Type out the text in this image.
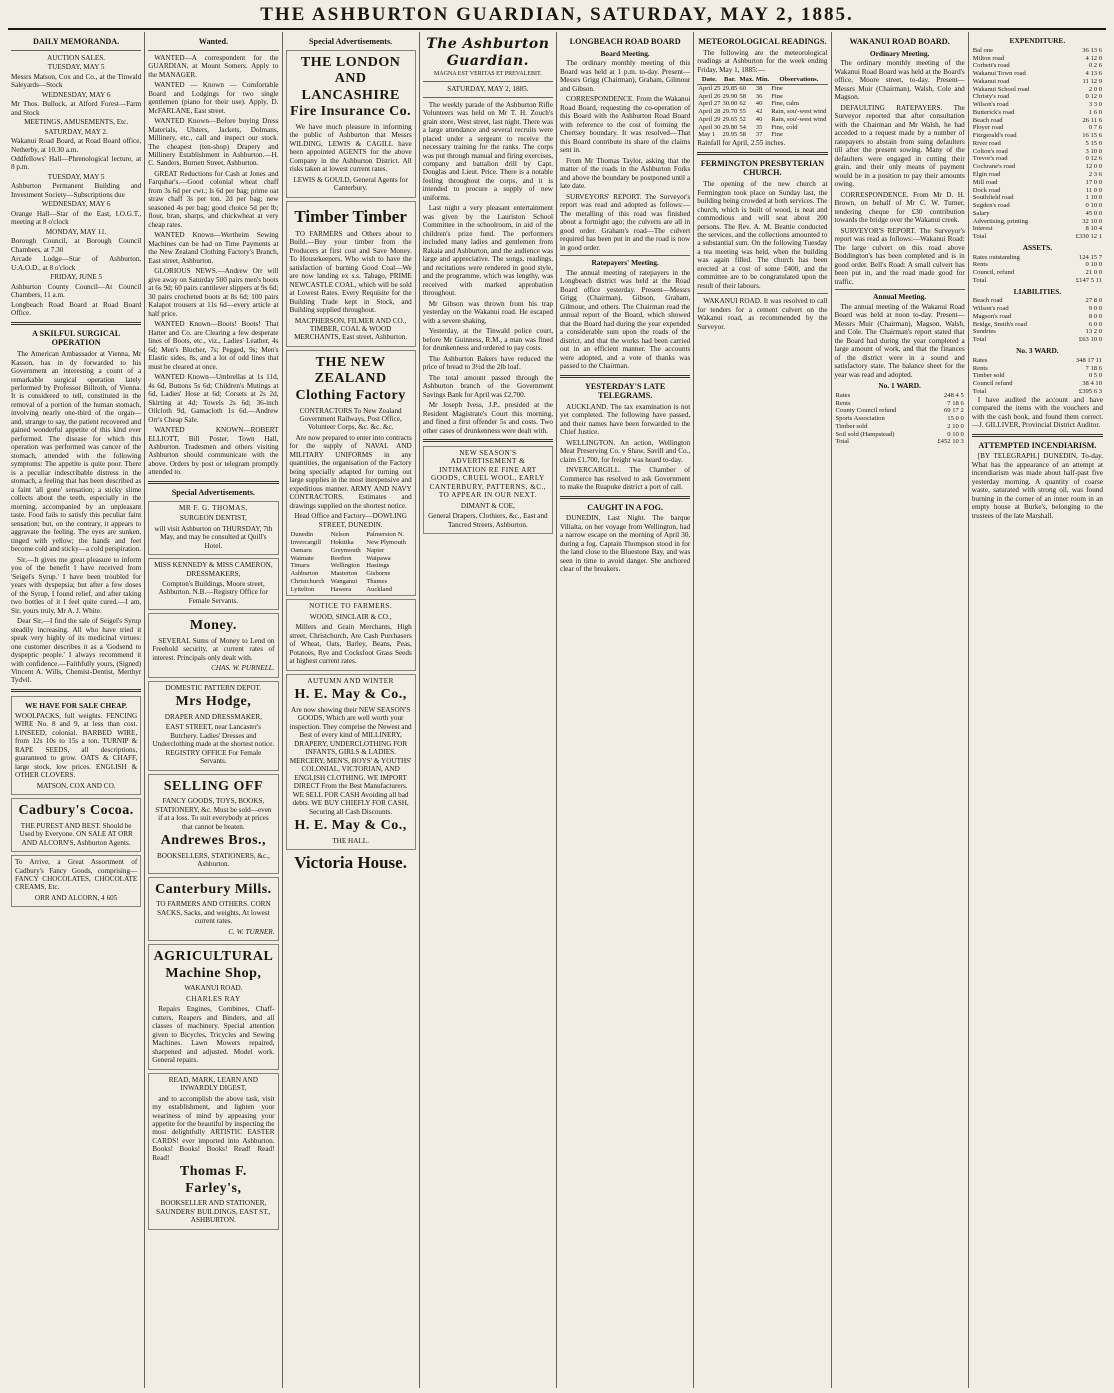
THE ASHBURTON GUARDIAN, SATURDAY, MAY 2, 1885.
DAILY MEMORANDA.

AUCTION SALES.

TUESDAY, MAY 5

Messrs Matson, Cox and Co., at the Tinwald Saleyards—Stock

WEDNESDAY, MAY 6

Mr Thos. Bullock, at Alford Forest—Farm and Stock

MEETINGS, AMUSEMENTS, Etc.

SATURDAY, MAY 2.

Wakanui Road Board, at Road Board office, Netherby, at 10.30 a.m.

Oddfellows' Hall—Phrenological lecture, at 8 p.m.

TUESDAY, MAY 5

Ashburton Permanent Building and Investment Society—Subscriptions due

WEDNESDAY, MAY 6

Orange Hall—Star of the East, I.O.G.T., meeting at 8 o'clock

MONDAY, MAY 11.

Borough Council, at Borough Council Chambers, at 7.30

Arcade Lodge—Star of Ashburton, U.A.O.D., at 8 o'clock

FRIDAY, JUNE 5

Ashburton County Council—At Council Chambers, 11 a.m.

Longbeach Road Board at Road Board Office.

A SKILFUL SURGICAL OPERATION

The American Ambassador at Vienna, Mr Kasson, has in dy forwarded to his Government an interesting a count of a remarkable surgical operation lately performed by Professor Billroth, of Vienna. It is considered to tell, constituted in the removal of a portion of the human stomach, involving nearly one-third of the organ—and, strange to say, the patient recovered and gained wonderful appetite of this kind ever performed. The disease for which this operation was performed was cancer of the stomach, attended with the following symptoms: The appetite is quite poor. There is a peculiar indescribable distress in the stomach, a feeling that has been described as a faint 'all gone' sensation; a sticky slime collects about the teeth, especially in the morning, accompanied by an unpleasant taste. Food fails to satisfy this peculiar faint sensation; but, on the contrary, it appears to aggravate the feeling. The eyes are sunken, tinged with yellow; the hands and feet become cold and sticky—a cold perspiration.

Sir,—It gives me great pleasure to inform you of the benefit I have received from 'Seigel's Syrup.' I have been troubled for years with dyspepsia; but after a few doses of the Syrup, I found relief, and after taking two bottles of it I feel quite cured.—I am, Sir, yours truly, Mr A. J. White.

Dear Sir,—I find the sale of Seigel's Syrup steadily increasing. All who have tried it speak very highly of its medicinal virtues: one customer describes it as a 'Godsend to dyspeptic people.' I always recommend it with confidence.—Faithfully yours, (Signed) Vincent A. Wills, Chemist-Dentist, Merthyr Tydvil.

WE HAVE FOR SALE CHEAP.

WOOLPACKS, full weights. FENCING WIRE No. 8 and 9, at less than cost. LINSEED, colonial. BARBED WIRE, from 12s 10s to 15s a ton. TURNIP & RAPE SEEDS, all descriptions, guaranteed to grow. OATS & CHAFF, large stock, low prices. ENGLISH & OTHER CLOVERS.

MATSON, COX AND CO.

Cadbury's Cocoa.

THE PUREST AND BEST. Should be Used by Everyone. ON SALE AT ORR AND ALCORN'S, Ashburton Agents.

To Arrive, a Great Assortment of Cadbury's Fancy Goods, comprising—FANCY CHOCOLATES, CHOCOLATE CREAMS, Etc.

ORR AND ALCORN, 4 605

Wanted.

WANTED—A correspondent for the GUARDIAN, at Mount Somers. Apply to the MANAGER.

WANTED — Known — Comfortable Board and Lodgings for two single gentlemen (piano for their use). Apply, D. McFARLANE, East street.

WANTED Known—Before buying Dress Materials, Ulsters, Jackets, Dolmans, Millinery, etc., call and inspect our stock. The cheapest (ten-shop) Drapery and Millinery Establishment in Ashburton.—H. C. Sanders, Burnett Street, Ashburton.

GREAT Reductions for Cash at Jones and Farquhar's.—Good colonial wheat chaff from 3s 6d per cwt.; ls 6d per bag; prime oat straw chaff 3s per ton. 2d per bag; new seasoned 4s per bag; good choice 5d per lb; flour, bran, sharps, and chickwheat at very cheap rates.

WANTED Known—Wertheim Sewing Machines can be had on Time Payments at the New Zealand Clothing Factory's Branch, East street, Ashburton.

GLORIOUS NEWS.—Andrew Orr will give away on Saturday 500 pairs men's boots at 6s 9d; 60 pairs cantilever slippers at 9s 6d; 30 pairs crocheted boots at 8s 6d; 100 pairs Kalapot trousers at 11s 6d—every article at half price.

WANTED Known—Boots! Boots! That Hatter and Co. are Clearing a few desperate lines of Boots, etc., viz., Ladies' Leather, 4s 6d; Men's Blucher, 7s; Pegged, 9s; Men's Elastic sides, 8s, and a lot of odd lines that must be cleared at once.

WANTED Known—Umbrellas at 1s 11d, 4s 6d, Buttons 5s 6d; Children's Mutings at 6d, Ladies' Hose at 6d; Corsets at 2s 2d, Skirting at 4d; Towels 2s 6d; 36-inch Oilcloth 9d, Gamacloth 1s 6d.—Andrew Orr's Cheap Sale.

WANTED KNOWN—ROBERT ELLIOTT, Bill Poster, Town Hall, Ashburton. Tradesmen and others visiting Ashburton should communicate with the above. Orders by post or telegram promptly attended to.

Special Advertisements.

MR F. G. THOMAS,

SURGEON DENTIST,

will visit Ashburton on THURSDAY, 7th May, and may be consulted at Quill's Hotel.

MISS KENNEDY & MISS CAMERON, DRESSMAKERS,

Compton's Buildings, Moore street, Ashburton. N.B.—Registry Office for Female Servants.

Money.

SEVERAL Sums of Money to Lend on Freehold security, at current rates of interest. Principals only dealt with.

CHAS. W. PURNELL.

DOMESTIC PATTERN DEPOT.

Mrs Hodge,

DRAPER AND DRESSMAKER,

EAST STREET, near Lancaster's Butchery. Ladies' Dresses and Underclothing made at the shortest notice. REGISTRY OFFICE For Female Servants.

SELLING OFF

FANCY GOODS, TOYS, BOOKS, STATIONERY, &c. Must be sold—even if at a loss. To suit everybody at prices that cannot be beaten.

Andrewes Bros.,

BOOKSELLERS, STATIONERS, &c., Ashburton.

Canterbury Mills.

TO FARMERS AND OTHERS. CORN SACKS, Sacks, and weights, At lowest current rates.

C. W. TURNER.

AGRICULTURAL Machine Shop,

WAKANUI ROAD.

CHARLES RAY

Repairs Engines, Combines, Chaff-cutters, Reapers and Binders, and all classes of machinery. Special attention given to Bicycles, Tricycles and Sewing Machines. Lawn Mowers repaired, sharpened and adjusted. Model work. General repairs.

READ, MARK, LEARN AND INWARDLY DIGEST,

and to accomplish the above task, visit my establishment, and lighten your weariness of mind by appeasing your appetite for the beautiful by inspecting the most delightfully ARTISTIC EASTER CARDS! ever imported into Ashburton. Books! Books! Books! Read! Read! Read!

Thomas F. Farley's,

BOOKSELLER AND STATIONER, SAUNDERS' BUILDINGS, EAST ST., ASHBURTON.

Special Advertisements.
THE LONDON AND LANCASHIRE Fire Insurance Co.

We have much pleasure in informing the public of Ashburton that Messrs WILDING, LEWIS & CAGILL have been appointed AGENTS for the above Company in the Ashburton District. All risks taken at lowest current rates.

LEWIS & GOULD, General Agents for Canterbury.

Timber Timber

TO FARMERS and Others about to Build.—Buy your timber from the Producers at first cost and Save Money. To Housekeepers, Who wish to have the satisfaction of burning Good Coal—We are now landing ex s.s. Tabago, PRIME NEWCASTLE COAL, which will be sold at Lowest Rates. Every Requisite for the Building Trade kept in Stock, and Building supplied throughout.

MACPHERSON, FILMER AND CO., TIMBER, COAL & WOOD MERCHANTS, East street, Ashburton.

THE NEW ZEALAND Clothing Factory

CONTRACTORS To New Zealand Government Railways, Post Office, Volunteer Corps, &c. &c. &c.

Are now prepared to enter into contracts for the supply of NAVAL AND MILITARY UNIFORMS in any quantities, the organisation of the Factory being specially adapted for turning out large supplies in the most inexpensive and expeditious manner. ARMY AND NAVY CONTRACTORS. Estimates and drawings supplied on the shortest notice.

Head Office and Factory—DOWLING STREET, DUNEDIN.

Dunedin	Nelson	Palmerston N.
Invercargill	Hokitika	New Plymouth
Oamaru	Greymouth	Napier
Waimate	Reefton	Waipawa
Timaru	Wellington	Hastings
Ashburton	Masterton	Gisborne
Christchurch	Wanganui	Thames
Lyttelton	Hawera	Auckland

NOTICE TO FARMERS.

WOOD, SINCLAIR & CO.,

Millers and Grain Merchants, High street, Christchurch, Are Cash Purchasers of Wheat, Oats, Barley, Beans, Peas, Potatoes, Rye and Cocksfoot Grass Seeds at highest current rates.

AUTUMN AND WINTER

H. E. May & Co.,

Are now showing their NEW SEASON'S GOODS, Which are well worth your inspection. They comprise the Newest and Best of every kind of MILLINERY, DRAPERY, UNDERCLOTHING FOR INFANTS, GIRLS & LADIES. MERCERY, MEN'S, BOYS' & YOUTHS' COLONIAL, VICTORIAN, AND ENGLISH CLOTHING. WE IMPORT DIRECT From the Best Manufacturers. WE SELL FOR CASH Avoiding all bad debts. WE BUY CHIEFLY FOR CASH, Securing all Cash Discounts.

H. E. May & Co.,

THE HALL.

Victoria House.
The Ashburton Guardian.

MAGNA EST VERITAS ET PREVALEBIT.

SATURDAY, MAY 2, 1885.

The weekly parade of the Ashburton Rifle Volunteers was held on Mr T. H. Zouch's grain store, West street, last night. There was a large attendance and several recruits were placed under a sergeant to receive the necessary training for the ranks. The corps was put through manual and firing exercises, company and battalion drill by Capt. Douglas and Lieut. Price. There is a notable feeling throughout the corps, and it is intended to procure a supply of new uniforms.

Last night a very pleasant entertainment was given by the Lauriston School Committee in the schoolroom, in aid of the children's prize fund. The performers included many ladies and gentlemen from Rakaia and Ashburton, and the audience was large and appreciative. The songs, readings, and recitations were rendered in good style, and the programme, which was lengthy, was received with marked approbation throughout.

Mr Gibson was thrown from his trap yesterday on the Wakanui road. He escaped with a severe shaking.

Yesterday, at the Tinwald police court, before Mr Guinness, R.M., a man was fined for drunkenness and ordered to pay costs.

The Ashburton Bakers have reduced the price of bread to 3½d the 2lb loaf.

The total amount passed through the Ashburton branch of the Government Savings Bank for April was £2,700.

Mr Joseph Ivess, J.P., presided at the Resident Magistrate's Court this morning, and fined a first offender 5s and costs. Two other cases of drunkenness were dealt with.

NEW SEASON'S ADVERTISEMENT & INTIMATION RE FINE ART GOODS, CRUEL WOOL, EARLY CANTERBURY, PATTERNS, &C., TO APPEAR IN OUR NEXT.

DIMANT & COE,

General Drapers, Clothiers, &c., East and Tancred Streets, Ashburton.

LONGBEACH ROAD BOARD
Board Meeting.

The ordinary monthly meeting of this Board was held at 1 p.m. to-day. Present—Messrs Grigg (Chairman), Graham, Gilmour and Gibson.

CORRESPONDENCE. From the Wakanui Road Board, requesting the co-operation of this Board with the Ashburton Road Board with reference to the cost of forming the Chertsey boundary. It was resolved—That this Board contribute its share of the claims sent in.

From Mr Thomas Taylor, asking that the matter of the roads in the Ashburton Forks and above the boundary be postponed until a late date.

SURVEYORS' REPORT. The Surveyor's report was read and adopted as follows:—The metalling of this road was finished about a fortnight ago; the culverts are all in good order. Graham's road—The culvert required has been put in and the road is now in good order.

Ratepayers' Meeting.

The annual meeting of ratepayers in the Longbeach district was held at the Road Board office yesterday. Present—Messrs Grigg (Chairman), Gibson, Graham, Gilmour, and others. The Chairman read the annual report of the Board, which showed that the Board had during the year expended a considerable sum upon the roads of the district, and that the works had been carried out in an efficient manner. The accounts were adopted, and a vote of thanks was passed to the Chairman.

YESTERDAY'S LATE TELEGRAMS.

AUCKLAND. The tax examination is not yet completed. The following have passed, and their names have been forwarded to the Chief Justice.

WELLINGTON. An action, Wellington Meat Preserving Co. v Shaw, Savill and Co., claim £1,700, for freight was heard to-day.

INVERCARGILL. The Chamber of Commerce has resolved to ask Government to make the Ruapuke district a port of call.

CAUGHT IN A FOG.

DUNEDIN, Last Night. The barque Villalta, on her voyage from Wellington, had a narrow escape on the morning of April 30, during a fog. Captain Thompson stood in for the land close to the Bluestone Bay, and was seen in time to avoid danger. She anchored clear of the breakers.

METEOROLOGICAL READINGS.

The following are the meteorological readings at Ashburton for the week ending Friday, May 1, 1885:—

Date.	Bar.	Max.	Min.	Observations.
April 25	29.85	60	38	Fine
April 26	29.90	58	36	Fine
April 27	30.00	62	40	Fine, calm
April 28	29.70	55	42	Rain, sou'-west wind
April 29	29.65	52	40	Rain, sou'-west wind
April 30	29.80	54	35	Fine, cold
May 1	29.95	58	37	Fine

Rainfall for April, 2.55 inches.

FERMINGTON PRESBYTERIAN CHURCH.

The opening of the new church at Fermington took place on Sunday last, the building being crowded at both services. The church, which is built of wood, is neat and commodious and will seat about 200 persons. The Rev. A. M. Beattie conducted the services, and the collections amounted to a substantial sum. On the following Tuesday a tea meeting was held, when the building was again filled. The church has been erected at a cost of some £400, and the committee are to be congratulated upon the result of their labours.

WAKANUI ROAD. It was resolved to call for tenders for a cement culvert on the Wakanui road, as recommended by the Surveyor.

WAKANUI ROAD BOARD.
Ordinary Meeting.

The ordinary monthly meeting of the Wakanui Road Board was held at the Board's office, Moore street, to-day. Present—Messrs Muir (Chairman), Walsh, Cole and Magson.

DEFAULTING RATEPAYERS. The Surveyor reported that after consultation with the Chairman and Mr Walsh, he had acceded to a request made by a number of ratepayers to abstain from suing defaulters till after the present sowing. Many of the defaulters were engaged in cutting their grain, and their only means of payment would be in a position to pay their amounts owing.

CORRESPONDENCE. From Mr D. H. Brown, on behalf of Mr C. W. Turner, tendering cheque for £30 contribution towards the bridge over the Wakanui creek.

SURVEYOR'S REPORT. The Surveyor's report was read as follows:—Wakanui Road: The large culvert on this road above Boddington's has been completed and is in good order. Bell's Road: A small culvert has been put in, and the road made good for traffic.

Annual Meeting.

The annual meeting of the Wakanui Road Board was held at noon to-day. Present—Messrs Muir (Chairman), Magson, Walsh, and Cole. The Chairman's report stated that the Board had during the year completed a large amount of work, and that the finances of the district were in a sound and satisfactory state. The balance sheet for the year was read and adopted.

No. 1 WARD.
Rates	248 4 5
Rents	7 18 6
County Council refund	69 17 2
Sports Association	15 0 0
Timber sold	2 10 0
Soil sold (Hampstead)	0 10 0
Total	£452 10 3
EXPENDITURE.
Bal one	36 13 6
Milton road	4 12 0
Corbett's road	0 2 6
Wakanui Town road	4 13 6
Wakanui road	11 12 9
Wakanui School road	2 0 0
Christy's road	0 12 0
Wilson's road	3 3 0
Butterick's road	1 6 0
Beach road	26 11 6
Ployer road	0 7 6
Fitzgerald's road	16 15 6
River road	5 15 0
Colton's road	3 10 0
Trevor's road	0 12 6
Cochrane's road	12 0 0
Elgin road	2 3 6
Mill road	17 0 0
Dock road	11 0 0
Southfield road	1 10 0
Sugden's road	0 10 0
Salary	45 0 0
Advertising, printing	32 10 0
Interest	8 10 4
Total	£330 12 1
ASSETS.
Rates outstanding	124 15 7
Rents	0 10 0
Council, refund	21 0 0
Total	£147 5 11
LIABILITIES.
Beach road	27 8 0
Wilson's road	9 0 0
Magson's road	8 0 0
Bridge, Smith's road	6 0 0
Sundries	13 2 0
Total	£63 10 0
No. 3 WARD.
Rates	348 17 11
Rents	7 18 6
Timber sold	0 5 0
Council refund	38 4 10
Total	£395 6 3

I have audited the account and have compared the items with the vouchers and with the cash book, and found them correct.—J. GILLIVER, Provincial District Auditor.

ATTEMPTED INCENDIARISM.

[BY TELEGRAPH.] DUNEDIN, To-day. What has the appearance of an attempt at incendiarism was made about half-past five yesterday morning. A quantity of coarse waste, saturated with strong oil, was found burning in the corner of an inner room in an empty house at Burke's, belonging to the trustees of the late Marshall.
